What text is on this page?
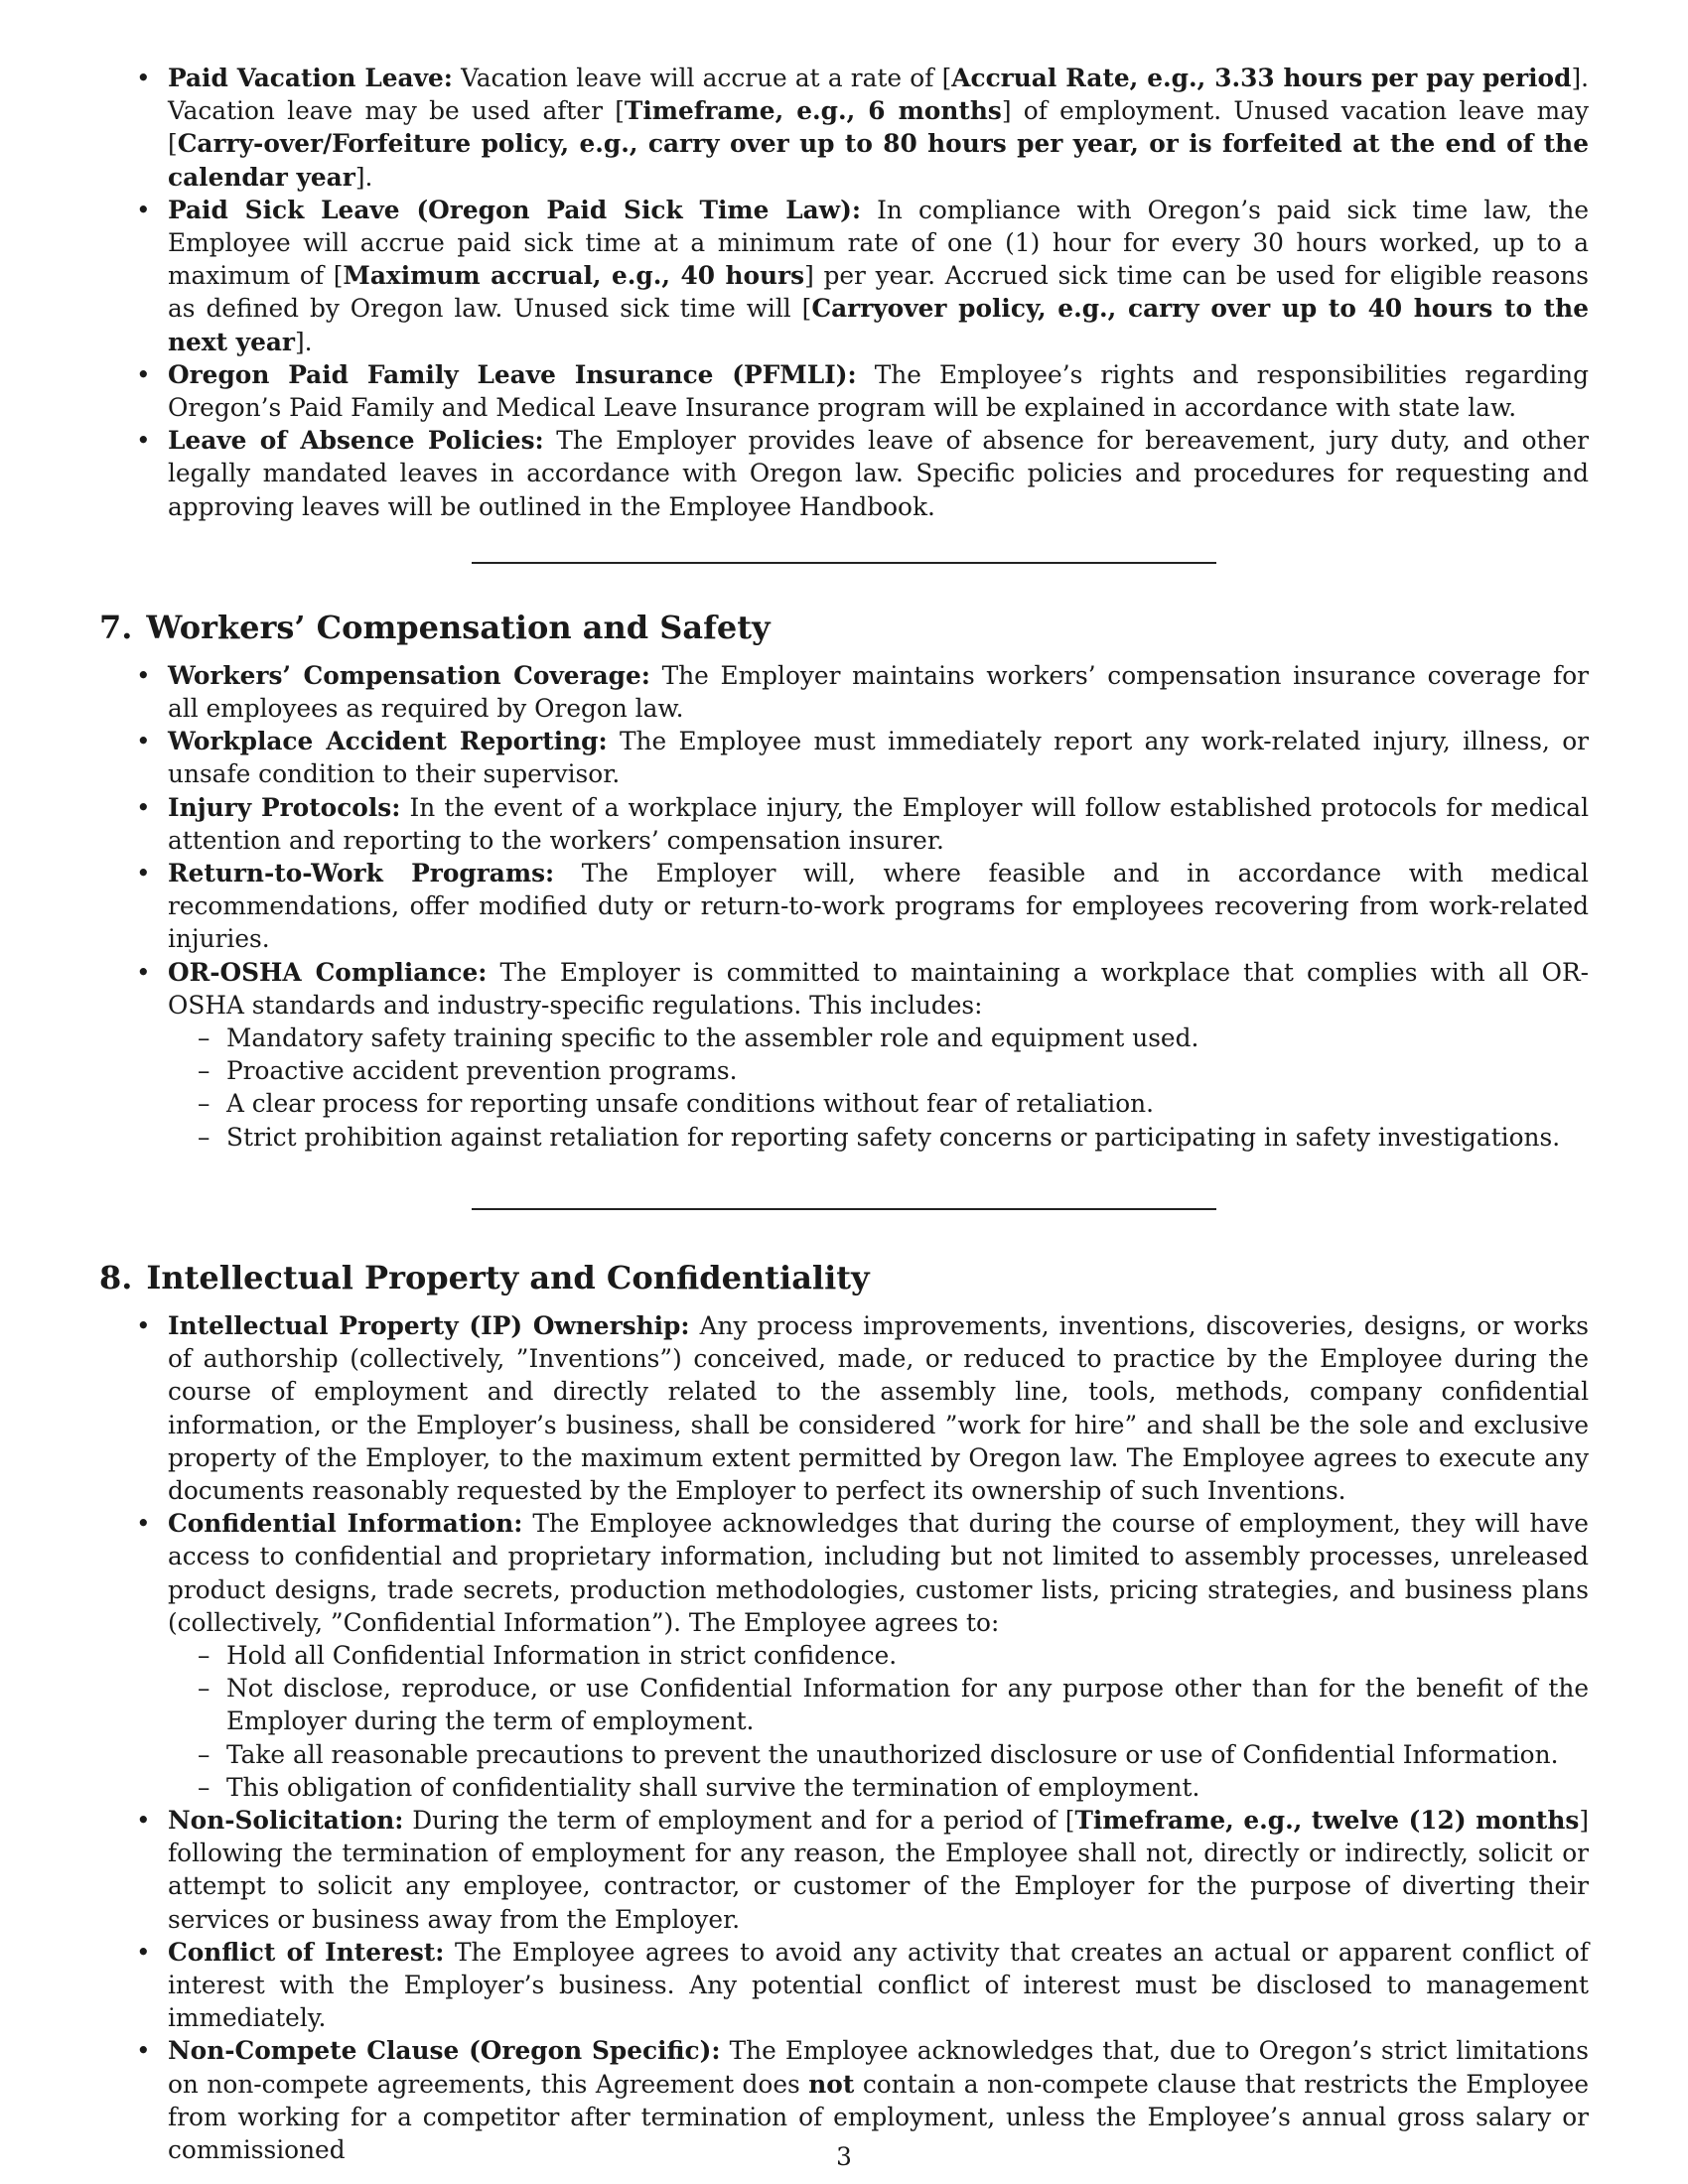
• Paid Vacation Leave: Vacation leave will accrue at a rate of [Accrual Rate, e.g., 3.33 hours per pay period]. Vacation leave may be used after [Timeframe, e.g., 6 months] of employment. Unused vacation leave may [Carry-over/Forfeiture policy, e.g., carry over up to 80 hours per year, or is forfeited at the end of the calendar year].
• Paid Sick Leave (Oregon Paid Sick Time Law): In compliance with Oregon’s paid sick time law, the Employee will accrue paid sick time at a minimum rate of one (1) hour for every 30 hours worked, up to a maximum of [Maximum accrual, e.g., 40 hours] per year. Accrued sick time can be used for eligible reasons as defined by Oregon law. Unused sick time will [Carryover policy, e.g., carry over up to 40 hours to the next year].
• Oregon Paid Family Leave Insurance (PFMLI): The Employee’s rights and responsibilities regarding Oregon’s Paid Family and Medical Leave Insurance program will be explained in accordance with state law.
• Leave of Absence Policies: The Employer provides leave of absence for bereavement, jury duty, and other legally mandated leaves in accordance with Oregon law. Specific policies and procedures for requesting and approving leaves will be outlined in the Employee Handbook.
7. Workers’ Compensation and Safety
• Workers’ Compensation Coverage: The Employer maintains workers’ compensation insurance coverage for all employees as required by Oregon law.
• Workplace Accident Reporting: The Employee must immediately report any work-related injury, illness, or unsafe condition to their supervisor.
• Injury Protocols: In the event of a workplace injury, the Employer will follow established protocols for medical attention and reporting to the workers’ compensation insurer.
• Return-to-Work Programs: The Employer will, where feasible and in accordance with medical recommendations, offer modified duty or return-to-work programs for employees recovering from work-related injuries.
• OR-OSHA Compliance: The Employer is committed to maintaining a workplace that complies with all OR-OSHA standards and industry-specific regulations. This includes:
– Mandatory safety training specific to the assembler role and equipment used.
– Proactive accident prevention programs.
– A clear process for reporting unsafe conditions without fear of retaliation.
– Strict prohibition against retaliation for reporting safety concerns or participating in safety investigations.
8. Intellectual Property and Confidentiality
• Intellectual Property (IP) Ownership: Any process improvements, inventions, discoveries, designs, or works of authorship (collectively, ”Inventions”) conceived, made, or reduced to practice by the Employee during the course of employment and directly related to the assembly line, tools, methods, company confidential information, or the Employer’s business, shall be considered ”work for hire” and shall be the sole and exclusive property of the Employer, to the maximum extent permitted by Oregon law. The Employee agrees to execute any documents reasonably requested by the Employer to perfect its ownership of such Inventions.
• Confidential Information: The Employee acknowledges that during the course of employment, they will have access to confidential and proprietary information, including but not limited to assembly processes, unreleased product designs, trade secrets, production methodologies, customer lists, pricing strategies, and business plans (collectively, ”Confidential Information”). The Employee agrees to:
– Hold all Confidential Information in strict confidence.
– Not disclose, reproduce, or use Confidential Information for any purpose other than for the benefit of the Employer during the term of employment.
– Take all reasonable precautions to prevent the unauthorized disclosure or use of Confidential Information.
– This obligation of confidentiality shall survive the termination of employment.
• Non-Solicitation: During the term of employment and for a period of [Timeframe, e.g., twelve (12) months] following the termination of employment for any reason, the Employee shall not, directly or indirectly, solicit or attempt to solicit any employee, contractor, or customer of the Employer for the purpose of diverting their services or business away from the Employer.
• Conflict of Interest: The Employee agrees to avoid any activity that creates an actual or apparent conflict of interest with the Employer’s business. Any potential conflict of interest must be disclosed to management immediately.
• Non-Compete Clause (Oregon Specific): The Employee acknowledges that, due to Oregon’s strict limitations on non-compete agreements, this Agreement does not contain a non-compete clause that restricts the Employee from working for a competitor after termination of employment, unless the Employee’s annual gross salary or commissioned	3
